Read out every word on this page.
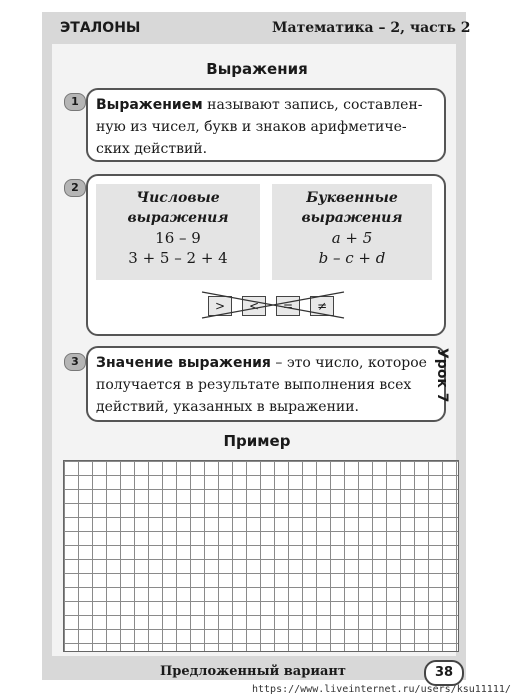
ЭТАЛОНЫ	Математика – 2, часть 2
Выражения
Выражением называют запись, составлен-
ную из чисел, букв и знаков арифметиче-
ских действий.
1
Числовые
выражения
16 – 9
3 + 5 – 2 + 4
Буквенные
выражения
a + 5
b – c + d
>	<	=	≠
2
Значение выражения – это число, которое
получается в результате выполнения всех
действий, указанных в выражении.
3	Урок 7
Пример
Предложенный вариант	38
https://www.liveinternet.ru/users/ksu11111/
